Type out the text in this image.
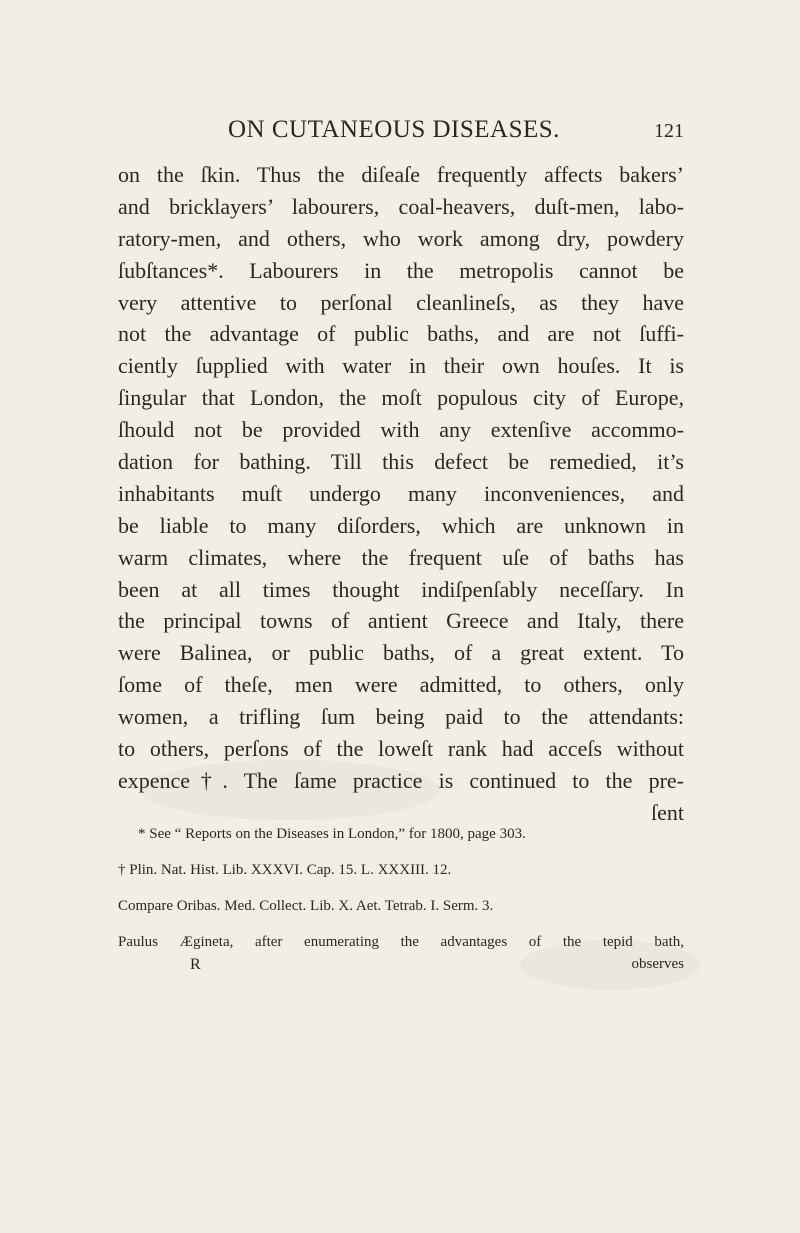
ON CUTANEOUS DISEASES.	121
on the ſkin. Thus the diſeaſe frequently affects bakers’
and bricklayers’ labourers, coal-heavers, duſt-men, labo-
ratory-men, and others, who work among dry, powdery
ſubſtances*. Labourers in the metropolis cannot be
very attentive to perſonal cleanlineſs, as they have
not the advantage of public baths, and are not ſuffi-
ciently ſupplied with water in their own houſes. It is
ſingular that London, the moſt populous city of Europe,
ſhould not be provided with any extenſive accommo-
dation for bathing. Till this defect be remedied, it’s
inhabitants muſt undergo many inconveniences, and
be liable to many diſorders, which are unknown in
warm climates, where the frequent uſe of baths has
been at all times thought indiſpenſably neceſſary. In
the principal towns of antient Greece and Italy, there
were Balinea, or public baths, of a great extent. To
ſome of theſe, men were admitted, to others, only
women, a trifling ſum being paid to the attendants:
to others, perſons of the loweſt rank had acceſs without
expence†. The ſame practice is continued to the pre-
ſent
* See “ Reports on the Diseases in London,” for 1800, page 303.
† Plin. Nat. Hist. Lib. XXXVI. Cap. 15. L. XXXIII. 12.
Compare Oribas. Med. Collect. Lib. X. Aet. Tetrab. I. Serm. 3.
Paulus Ægineta, after enumerating the advantages of the tepid bath,
R	observes
